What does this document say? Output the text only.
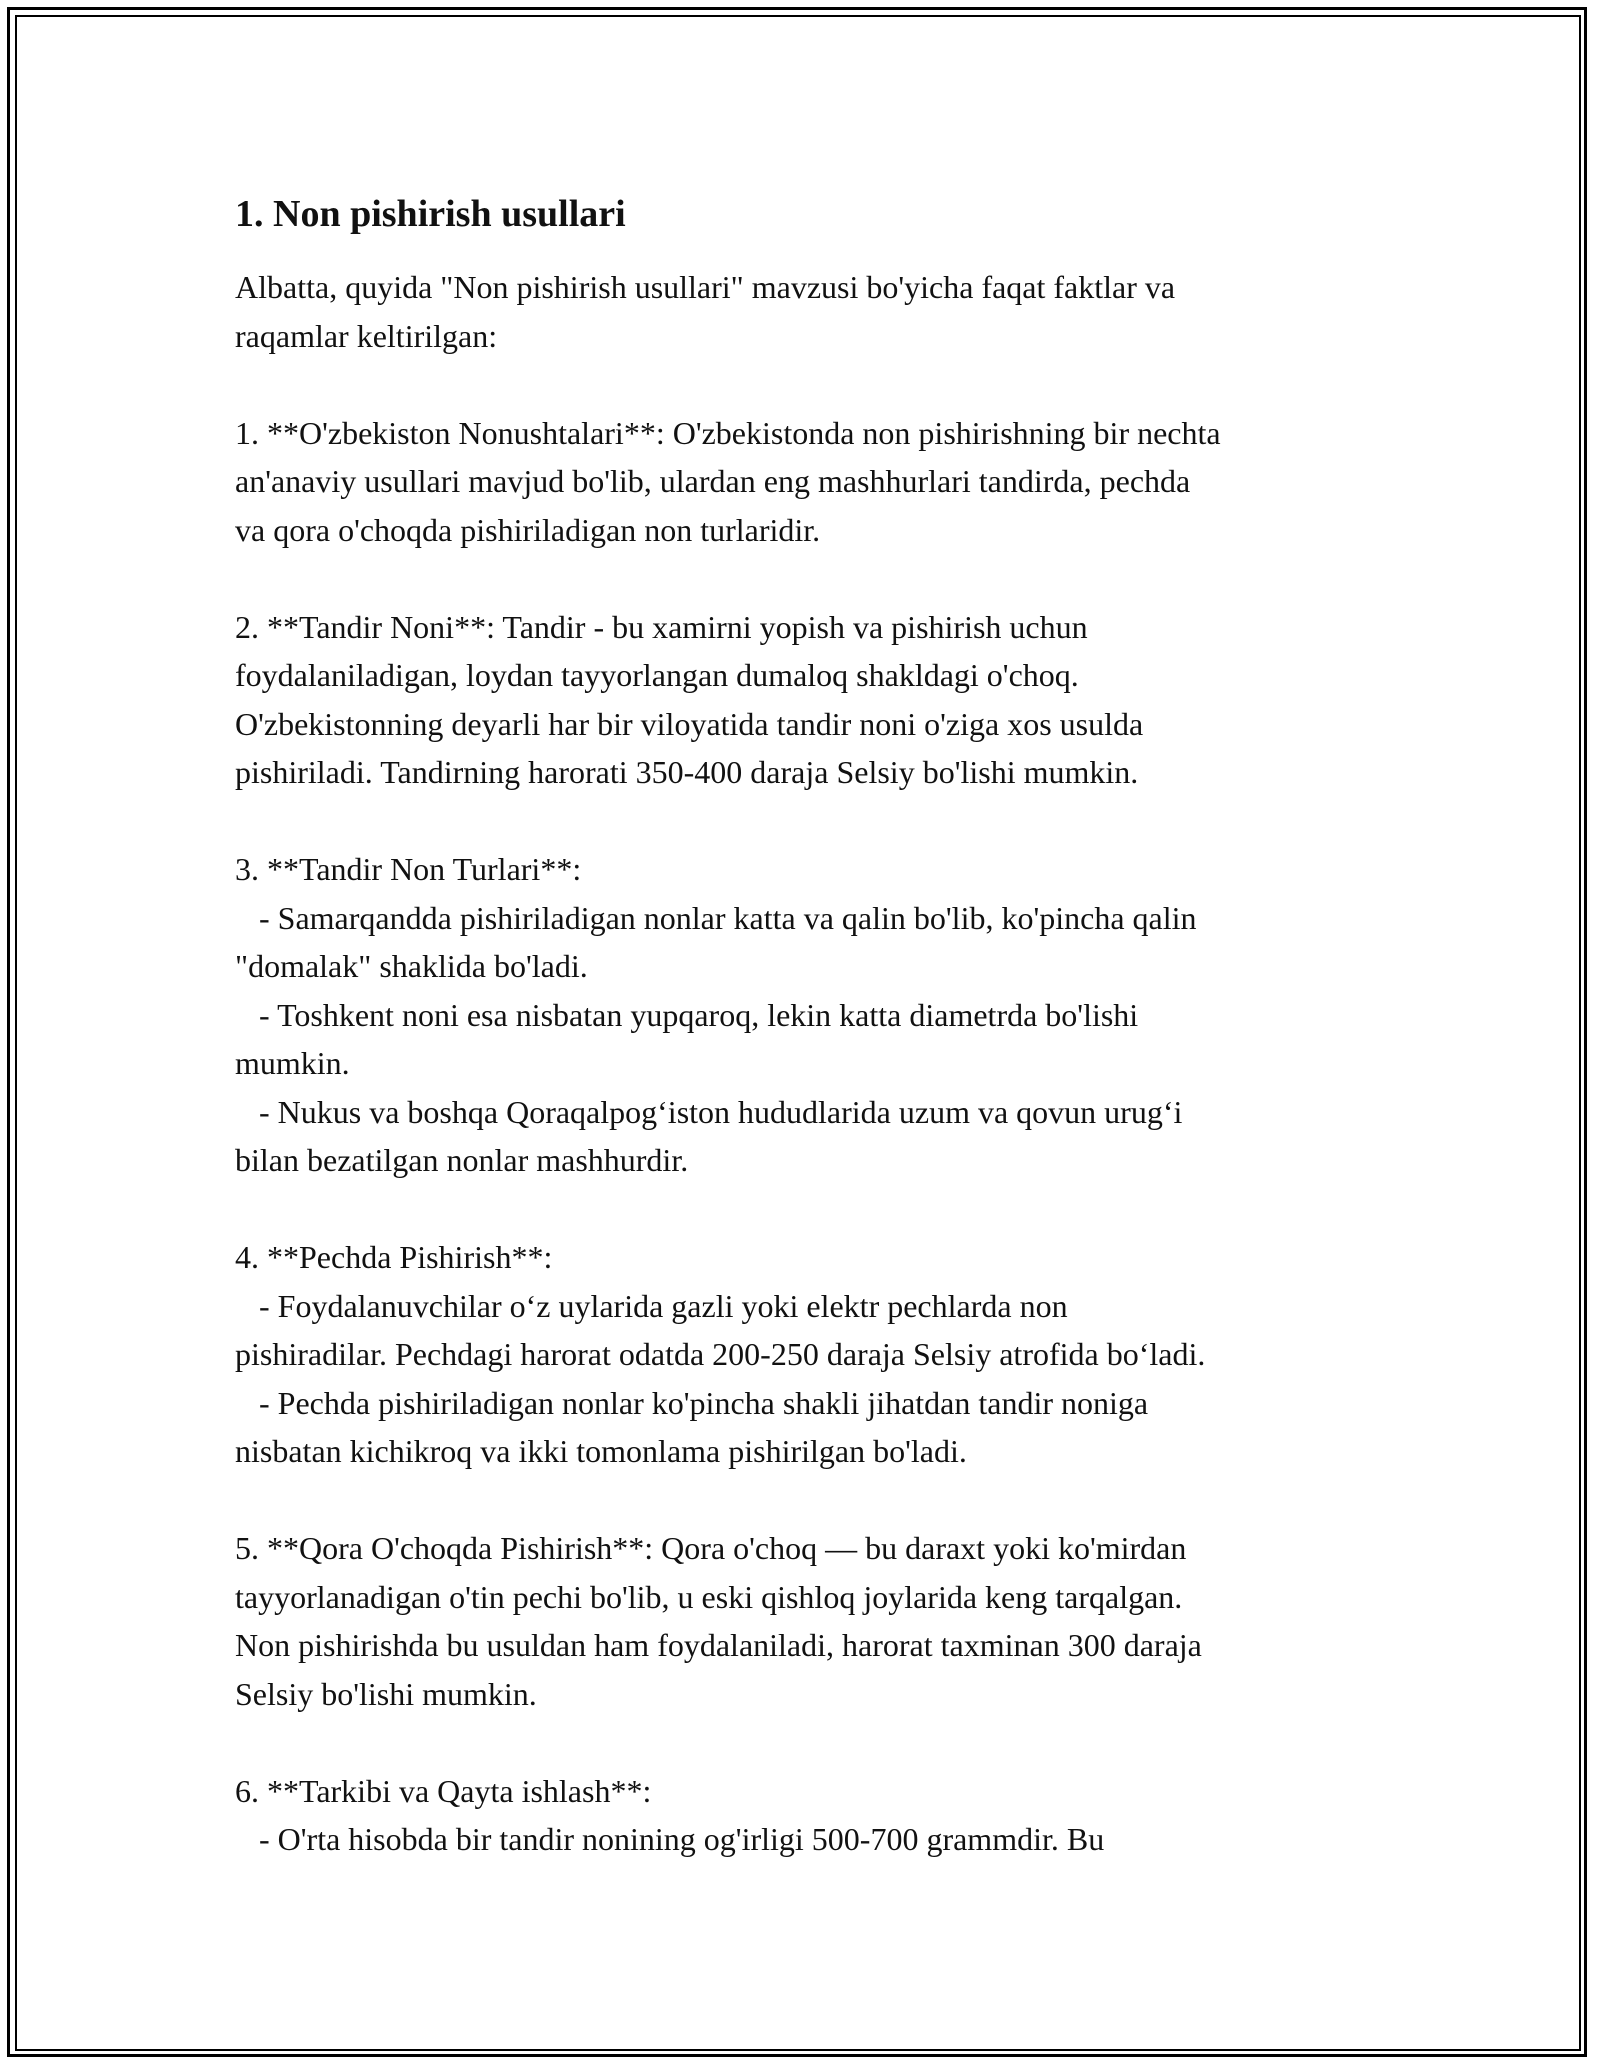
1. Non pishirish usullari
Albatta, quyida "Non pishirish usullari" mavzusi bo'yicha faqat faktlar va
raqamlar keltirilgan:
1. **O'zbekiston Nonushtalari**: O'zbekistonda non pishirishning bir nechta
an'anaviy usullari mavjud bo'lib, ulardan eng mashhurlari tandirda, pechda
va qora o'choqda pishiriladigan non turlaridir.
2. **Tandir Noni**: Tandir - bu xamirni yopish va pishirish uchun
foydalaniladigan, loydan tayyorlangan dumaloq shakldagi o'choq.
O'zbekistonning deyarli har bir viloyatida tandir noni o'ziga xos usulda
pishiriladi. Tandirning harorati 350-400 daraja Selsiy bo'lishi mumkin.
3. **Tandir Non Turlari**:
- Samarqandda pishiriladigan nonlar katta va qalin bo'lib, ko'pincha qalin
"domalak" shaklida bo'ladi.
- Toshkent noni esa nisbatan yupqaroq, lekin katta diametrda bo'lishi
mumkin.
- Nukus va boshqa Qoraqalpog‘iston hududlarida uzum va qovun urug‘i
bilan bezatilgan nonlar mashhurdir.
4. **Pechda Pishirish**:
- Foydalanuvchilar o‘z uylarida gazli yoki elektr pechlarda non
pishiradilar. Pechdagi harorat odatda 200-250 daraja Selsiy atrofida bo‘ladi.
- Pechda pishiriladigan nonlar ko'pincha shakli jihatdan tandir noniga
nisbatan kichikroq va ikki tomonlama pishirilgan bo'ladi.
5. **Qora O'choqda Pishirish**: Qora o'choq — bu daraxt yoki ko'mirdan
tayyorlanadigan o'tin pechi bo'lib, u eski qishloq joylarida keng tarqalgan.
Non pishirishda bu usuldan ham foydalaniladi, harorat taxminan 300 daraja
Selsiy bo'lishi mumkin.
6. **Tarkibi va Qayta ishlash**:
- O'rta hisobda bir tandir nonining og'irligi 500-700 grammdir. Bu
